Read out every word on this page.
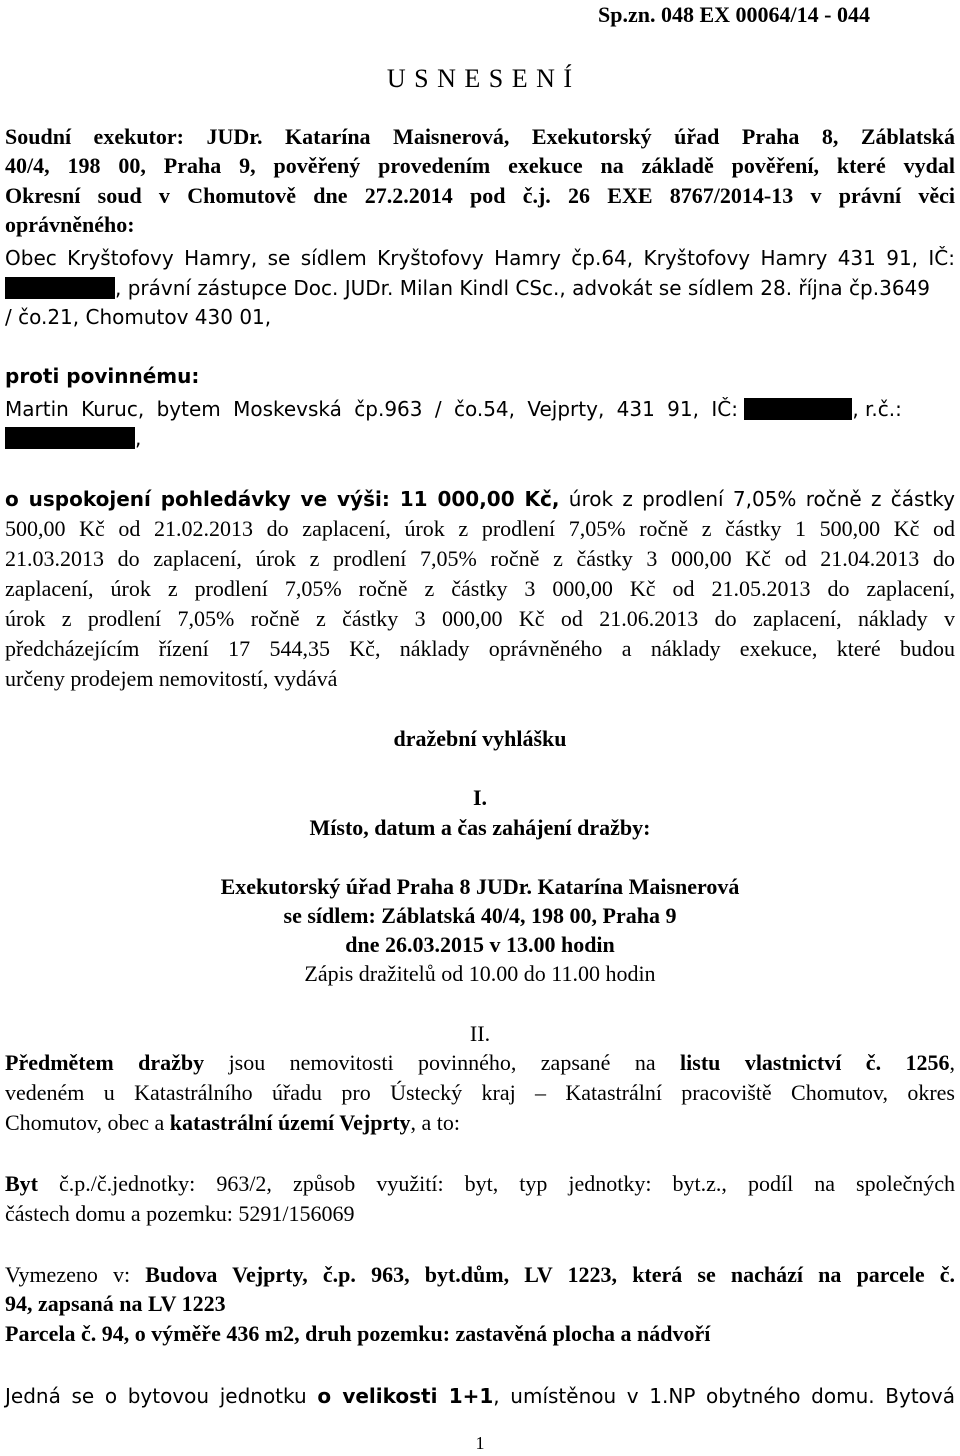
Sp.zn. 048 EX 00064/14 - 044
U S N E S E N Í
Soudní exekutor: JUDr. Katarína Maisnerová, Exekutorský úřad Praha 8, Záblatská
40/4, 198 00, Praha 9, pověřený provedením exekuce na základě pověření, které vydal
Okresní soud v Chomutově dne 27.2.2014 pod č.j. 26 EXE 8767/2014-13 v právní věci
oprávněného:
Obec Kryštofovy Hamry, se sídlem Kryštofovy Hamry čp.64, Kryštofovy Hamry 431 91, IČ:
, právní zástupce Doc. JUDr. Milan Kindl CSc., advokát se sídlem 28. října čp.3649
/ čo.21, Chomutov 430 01,
proti povinnému:
Martin Kuruc, bytem Moskevská čp.963 / čo.54, Vejprty, 431 91, IČ:	, r.č.:
,
o uspokojení pohledávky ve výši: 11 000,00 Kč, úrok z prodlení 7,05% ročně z částky
500,00 Kč od 21.02.2013 do zaplacení, úrok z prodlení 7,05% ročně z částky 1 500,00 Kč od
21.03.2013 do zaplacení, úrok z prodlení 7,05% ročně z částky 3 000,00 Kč od 21.04.2013 do
zaplacení, úrok z prodlení 7,05% ročně z částky 3 000,00 Kč od 21.05.2013 do zaplacení,
úrok z prodlení 7,05% ročně z částky 3 000,00 Kč od 21.06.2013 do zaplacení, náklady v
předcházejícím řízení 17 544,35 Kč, náklady oprávněného a náklady exekuce, které budou
určeny prodejem nemovitostí, vydává
dražební vyhlášku
I.
Místo, datum a čas zahájení dražby:
Exekutorský úřad Praha 8 JUDr. Katarína Maisnerová
se sídlem: Záblatská 40/4, 198 00, Praha 9
dne 26.03.2015 v 13.00 hodin
Zápis dražitelů od 10.00 do 11.00 hodin
II.
Předmětem dražby jsou nemovitosti povinného, zapsané na listu vlastnictví č. 1256,
vedeném u Katastrálního úřadu pro Ústecký kraj – Katastrální pracoviště Chomutov, okres
Chomutov, obec a katastrální území Vejprty, a to:
Byt č.p./č.jednotky: 963/2, způsob využití: byt, typ jednotky: byt.z., podíl na společných
částech domu a pozemku: 5291/156069
Vymezeno v: Budova Vejprty, č.p. 963, byt.dům, LV 1223, která se nachází na parcele č.
94, zapsaná na LV 1223
Parcela č. 94, o výměře 436 m2, druh pozemku: zastavěná plocha a nádvoří
Jedná se o bytovou jednotku o velikosti 1+1, umístěnou v 1.NP obytného domu. Bytová
1
